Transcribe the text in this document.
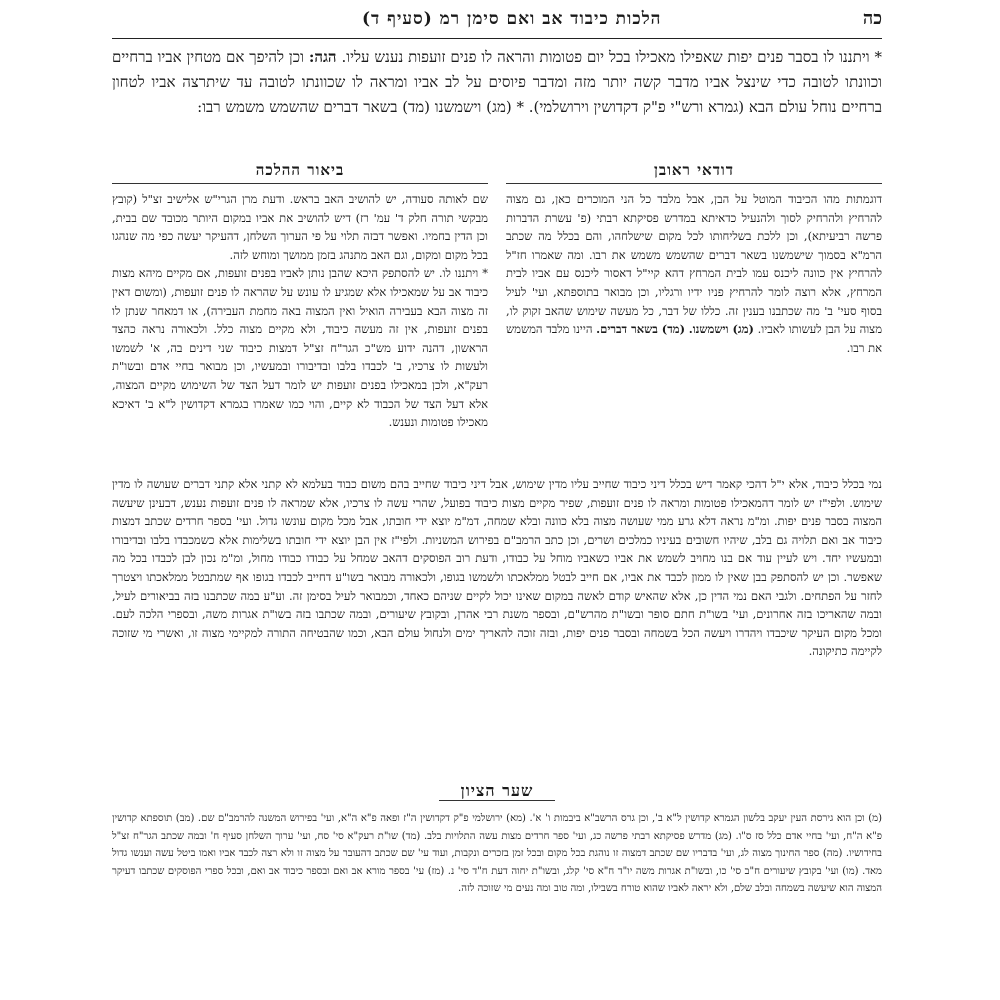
כה
הלכות כיבוד אב ואם סימן רמ (סעיף ד)
* ויתננו לו בסבר פנים יפות שאפילו מאכילו בכל יום פטומות והראה לו פנים זועפות נענש עליו. הגה: וכן להיפך אם מטחין אביו ברחיים וכוונתו לטובה כדי שינצל אביו מדבר קשה יותר מזה ומדבר פיוסים על לב אביו ומראה לו שכוונתו לטובה עד שיתרצה אביו לטחון ברחיים נוחל עולם הבא (גמרא ורש"י פ"ק דקדושין וירושלמי). * (מג) וישמשנו (מד) בשאר דברים שהשמש משמש רבו:
דודאי ראובן
דוגמתות מהו הכיבוד המוטל על הבן, אבל מלבד כל הני המוכרים כאן, גם מצוה להרחיץ ולהרחיק לסוך ולהנעיל כדאיתא במדרש פסיקתא רבתי (פ' עשרת הדברות פרשה רביעיתא), וכן ללכת בשליחותו לכל מקום שישלחהו, והם בכלל מה שכתב הרמ"א בסמוך שישמשנו בשאר דברים שהשמש משמש את רבו. ומה שאמרו חז"ל להרחיץ אין כוונה ליכנס עמו לבית המרחץ דהא קיי"ל דאסור ליכנס עם אביו לבית המרחץ, אלא רוצה לומר להרחיץ פניו ידיו ורגליו, וכן מבואר בתוספתא, ועי' לעיל בסוף סעי' ב' מה שכתבנו בענין זה. כללו של דבר, כל מעשה שימוש שהאב זקוק לו, מצוה על הבן לעשותו לאביו. (מג) וישמשנו. (מד) בשאר דברים. היינו מלבד המשמש את רבו.
ביאור ההלכה
שם לאותה סעודה, יש להושיב האב בראש. ודעת מרן הגרי"ש אלישיב זצ"ל (קובץ מבקשי תורה חלק ד' עמ' רז) דיש להושיב את אביו במקום היותר מכובד שם בבית, וכן הדין בחמיו. ואפשר דבזה תלוי על פי הערוך השלחן, דהעיקר יעשה כפי מה שנהגו בכל מקום ומקום, וגם האב מתנהג בזמן ממושך ומוחש לזה.
* ויתננו לו. יש להסתפק היכא שהבן נותן לאביו בפנים זועפות, אם מקיים מיהא מצות כיבוד אב על שמאכילו אלא שמגיע לו עונש על שהראה לו פנים זועפות, (ומשום דאין זה מצוה הבא בעבירה הואיל ואין המצוה באה מחמת העבירה), או דמאחר שנתן לו בפנים זועפות, אין זה מעשה כיבוד, ולא מקיים מצוה כלל. ולכאורה נראה כהצד הראשון, דהנה ידוע מש"כ הגר"ח זצ"ל דמצות כיבוד שני דינים בה, א' לשמשו ולעשות לו צרכיו, ב' לכבדו בלבו ובדיבורו ובמעשיו, וכן מבואר בחיי אדם ובשו"ת רעק"א, ולכן במאכילו בפנים זועפות יש לומר דעל הצד של השימוש מקיים המצוה, אלא דעל הצד של הכבוד לא קיים, והוי כמו שאמרו בגמרא דקדושין ל"א ב' דאיכא מאכילו פטומות ונענש.
נמי בכלל כיבוד, אלא י"ל דהכי קאמר דיש בכלל דיני כיבוד שחייב עליו מדין שימוש, אבל דיני כיבוד שחייב בהם משום כבוד בעלמא לא קתני אלא קתני דברים שעושה לו מדין שימוש. ולפי"ז יש לומר דהמאכילו פטומות ומראה לו פנים זועפות, שפיר מקיים מצות כיבוד בפועל, שהרי עשה לו צרכיו, אלא שמראה לו פנים זועפות נענש, דבעינן שיעשה המצוה בסבר פנים יפות. ומ"מ נראה דלא גרע ממי שעושה מצוה בלא כוונה ובלא שמחה, דמ"מ יוצא ידי חובתו, אבל מכל מקום עונשו גדול. ועי' בספר חרדים שכתב דמצות כיבוד אב ואם תלויה גם בלב, שיהיו חשובים בעיניו כמלכים ושרים, וכן כתב הרמב"ם בפירוש המשניות. ולפי"ז אין הבן יוצא ידי חובתו בשלימות אלא כשמכבדו בלבו ובדיבורו ובמעשיו יחד. ויש לעיין עוד אם בנו מחויב לשמש את אביו כשאביו מוחל על כבודו, ודעת רוב הפוסקים דהאב שמחל על כבודו כבודו מחול, ומ"מ נכון לבן לכבדו בכל מה שאפשר. וכן יש להסתפק בבן שאין לו ממון לכבד את אביו, אם חייב לבטל ממלאכתו ולשמשו בגופו, ולכאורה מבואר בשו"ע דחייב לכבדו בגופו אף שמתבטל ממלאכתו ויצטרך לחזר על הפתחים. ולגבי האם נמי הדין כן, אלא שהאיש קודם לאשה במקום שאינו יכול לקיים שניהם כאחד, וכמבואר לעיל בסימן זה. וע"ע במה שכתבנו בזה בביאורים לעיל, ובמה שהאריכו בזה אחרונים, ועי' בשו"ת חתם סופר ובשו"ת מהרש"ם, ובספר משנת רבי אהרן, ובקובץ שיעורים, ובמה שכתבו בזה בשו"ת אגרות משה, ובספרי הלכה לעם. ומכל מקום העיקר שיכבדו ויהדרו ויעשה הכל בשמחה ובסבר פנים יפות, ובזה זוכה להאריך ימים ולנחול עולם הבא, וכמו שהבטיחה התורה למקיימי מצוה זו, ואשרי מי שזוכה לקיימה כתיקונה.
שער הציון
(מ) וכן הוא גירסת העין יעקב בלשון הגמרא קדושין ל"א ב', וכן גרס הרשב"א ביבמות ו' א'. (מא) ירושלמי פ"ק דקדושין ה"ז ופאה פ"א ה"א, ועי' בפירוש המשנה להרמב"ם שם. (מב) תוספתא קדושין פ"א ה"ח, ועי' בחיי אדם כלל סז ס"ו. (מג) מדרש פסיקתא רבתי פרשה כג, ועי' ספר חרדים מצות עשה התלויות בלב. (מד) שו"ת רעק"א סי' סח, ועי' ערוך השלחן סעיף ח' ובמה שכתב הגר"ח זצ"ל בחידושיו. (מה) ספר החינוך מצוה לג, ועי' בדבריו שם שכתב דמצוה זו נוהגת בכל מקום ובכל זמן בזכרים ונקבות, ועוד עי' שם שכתב דהעובר על מצוה זו ולא רצה לכבד אביו ואמו ביטל עשה וענשו גדול מאד. (מו) ועי' בקובץ שיעורים ח"ב סי' כו, ובשו"ת אגרות משה יו"ד ח"א סי' קלג, ובשו"ת יחוה דעת ח"ד סי' נ. (מז) עי' בספר מורא אב ואם ובספר כיבוד אב ואם, ובכל ספרי הפוסקים שכתבו דעיקר המצוה הוא שיעשה בשמחה ובלב שלם, ולא יראה לאביו שהוא טורח בשבילו, ומה טוב ומה נעים מי שזוכה לזה.
